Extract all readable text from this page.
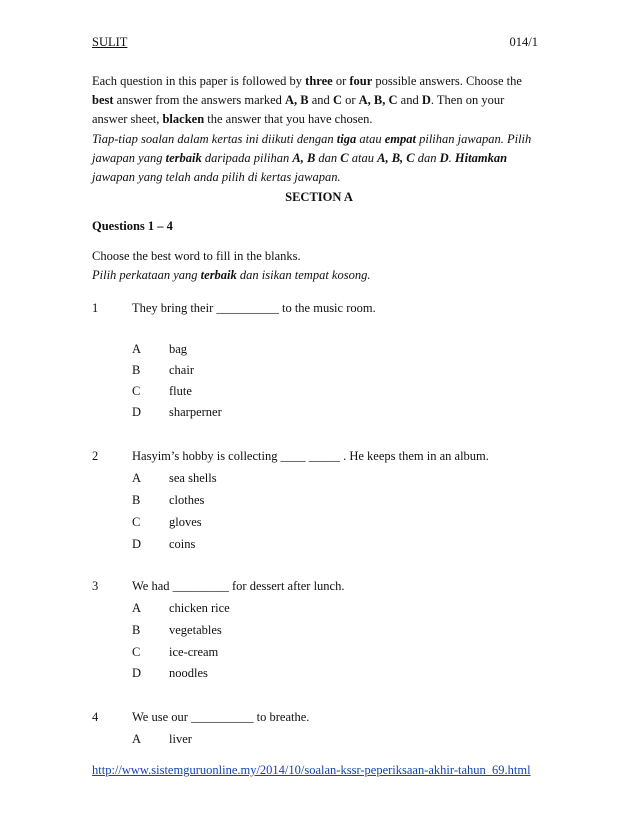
SULIT	014/1

Each question in this paper is followed by three or four possible answers. Choose the best answer from the answers marked A, B and C or A, B, C and D. Then on your answer sheet, blacken the answer that you have chosen.

Tiap-tiap soalan dalam kertas ini diikuti dengan tiga atau empat pilihan jawapan. Pilih jawapan yang terbaik daripada pilihan A, B dan C atau A, B, C dan D. Hitamkan jawapan yang telah anda pilih di kertas jawapan.

SECTION A
Questions 1 – 4
Choose the best word to fill in the blanks.
Pilih perkataan yang terbaik dan isikan tempat kosong.
1	They bring their __________ to the music room.
A bag
B chair
C flute
D sharperner
2	Hasyim’s hobby is collecting ____ _____ . He keeps them in an album.
A sea shells
B clothes
C gloves
D coins
3	We had _________ for dessert after lunch.
A chicken rice
B vegetables
C ice-cream
D noodles
4	We use our __________ to breathe.
A liver
http://www.sistemguruonline.my/2014/10/soalan-kssr-peperiksaan-akhir-tahun_69.html
